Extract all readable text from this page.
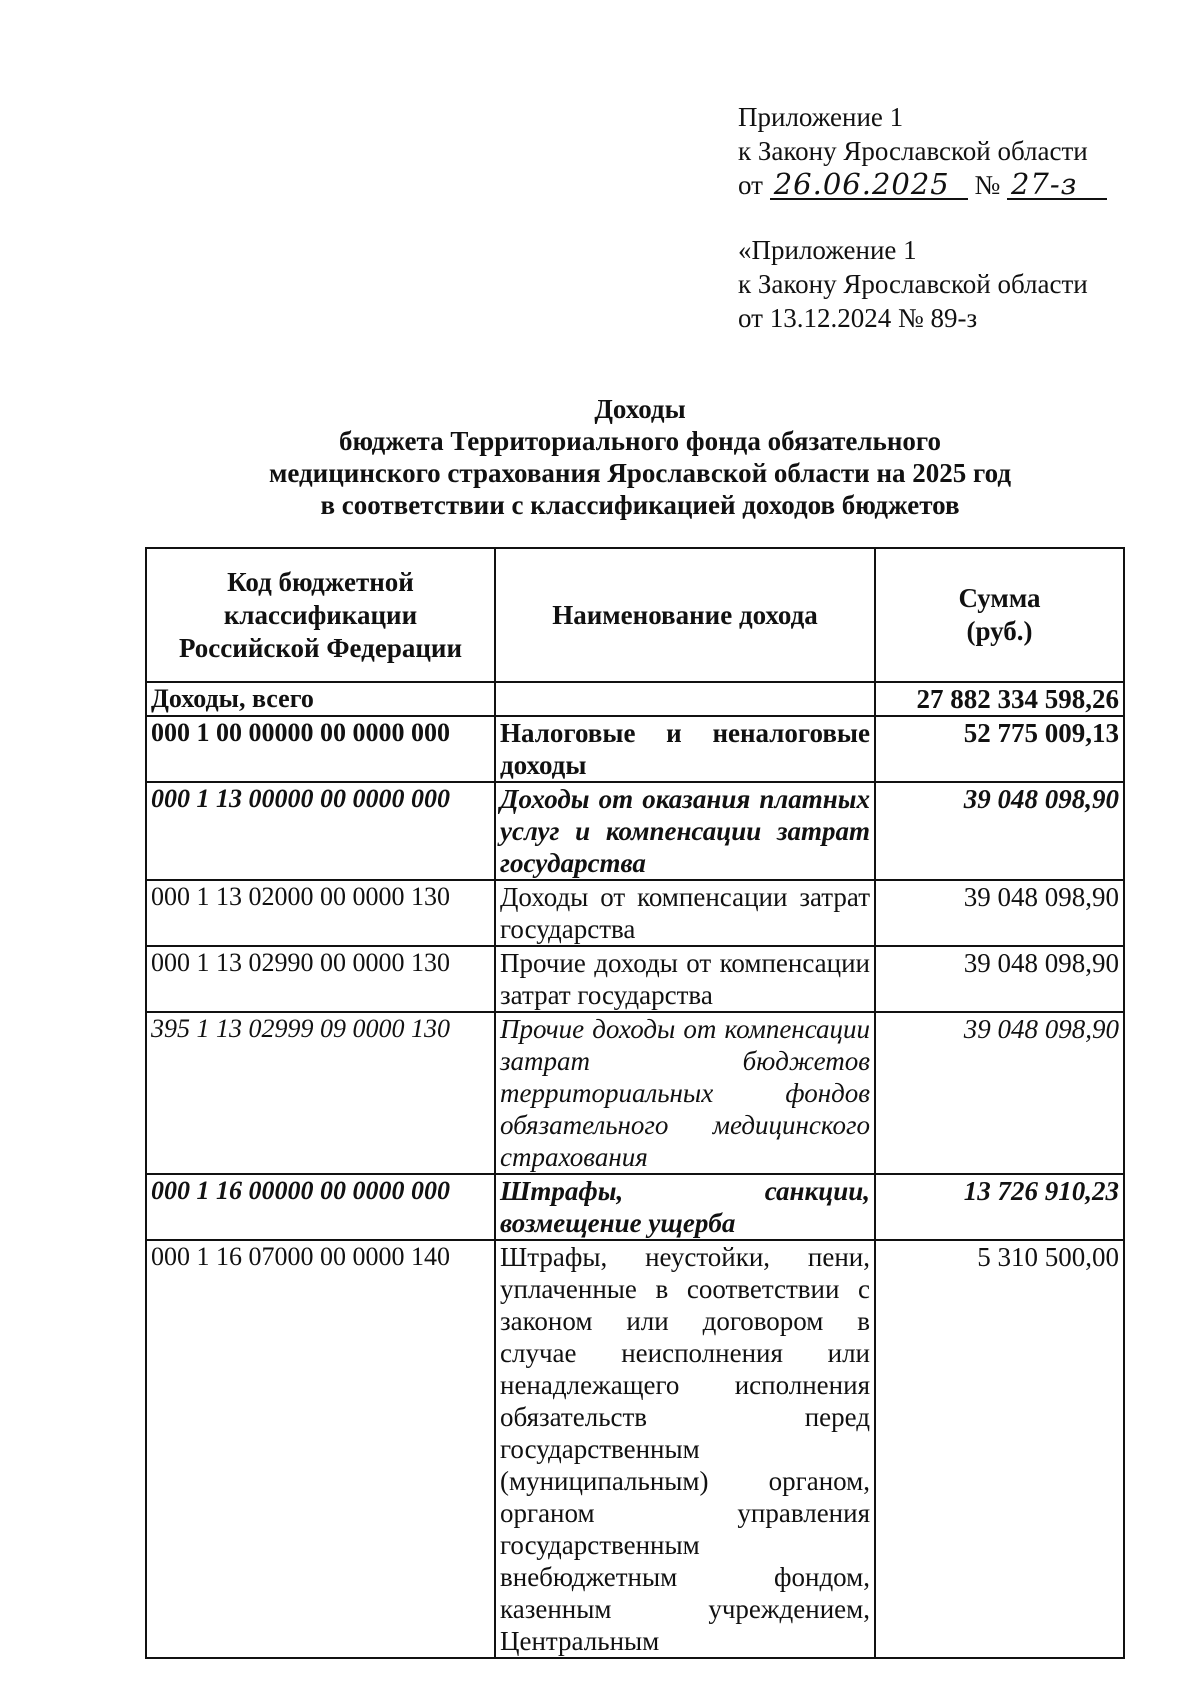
Приложение 1
к Закону Ярославской области
от 26.06.2025 № 27-з
«Приложение 1
к Закону Ярославской области
от 13.12.2024 № 89-з
Доходы
бюджета Территориального фонда обязательного
медицинского страхования Ярославской области на 2025 год
в соответствии с классификацией доходов бюджетов
Код бюджетной классификации Российской Федерации	Наименование дохода	Сумма (руб.)
Доходы, всего		27 882 334 598,26
000 1 00 00000 00 0000 000	Налоговые и неналоговые доходы	52 775 009,13
000 1 13 00000 00 0000 000	Доходы от оказания платных услуг и компенсации затрат государства	39 048 098,90
000 1 13 02000 00 0000 130	Доходы от компенсации затрат государства	39 048 098,90
000 1 13 02990 00 0000 130	Прочие доходы от компенсации затрат государства	39 048 098,90
395 1 13 02999 09 0000 130	Прочие доходы от компенсации затрат бюджетов территориальных фондов обязательного медицинского страхования	39 048 098,90
000 1 16 00000 00 0000 000	Штрафы, санкции, возмещение ущерба	13 726 910,23
000 1 16 07000 00 0000 140	Штрафы, неустойки, пени, уплаченные в соответствии с законом или договором в случае неисполнения или ненадлежащего исполнения обязательств перед государственным (муниципальным) органом, органом управления государственным внебюджетным фондом, казенным учреждением, Центральным	5 310 500,00
